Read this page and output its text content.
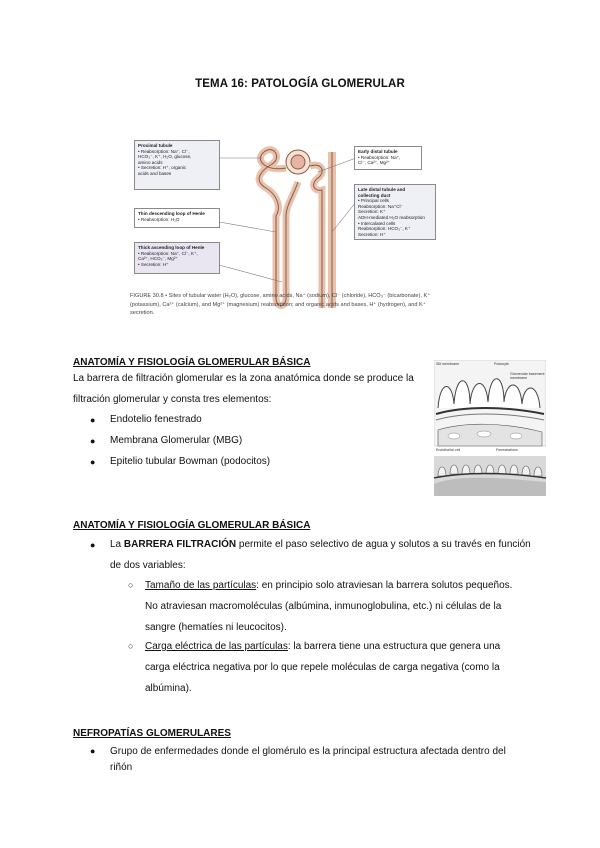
TEMA 16: PATOLOGÍA GLOMERULAR
Proximal tubule
• Reabsorption: Na⁺, Cl⁻,
HCO₃⁻, K⁺, H₂O, glucose,
amino acids
• Secretion: H⁺, organic
acids and bases
Thin descending loop of Henle
• Reabsorption: H₂O
Thick ascending loop of Henle
• Reabsorption: Na⁺, Cl⁻, K⁺,
Ca²⁺, HCO₃⁻, Mg²⁺
• Secretion: H⁺
Early distal tubule
• Reabsorption: Na⁺,
Cl⁻, Ca²⁺, Mg²⁺
Late distal tubule and
collecting duct
• Principal cells
Reabsorption: Na⁺Cl⁻
Secretion: K⁺
ADH-mediated H₂O reabsorption
• Intercalated cells
Reabsorption: HCO₃⁻, K⁺
Secretion: H⁺
FIGURE 30.8 • Sites of tubular water (H₂O), glucose, amino acids, Na⁺ (sodium), Cl⁻ (chloride), HCO₃⁻ (bicarbonate), K⁺ (potassium), Ca²⁺ (calcium), and Mg²⁺ (magnesium) reabsorption; and organic acids and bases, H⁺ (hydrogen), and K⁺ secretion.
ANATOMÍA Y FISIOLOGÍA GLOMERULAR BÁSICA
La barrera de filtración glomerular es la zona anatómica donde se produce la
filtración glomerular y consta tres elementos:
● Endotelio fenestrado
● Membrana Glomerular (MBG)
● Epitelio tubular Bowman (podocitos)
Podocyte
Glomerular basement membrane
Slit membrane
Endothelial cell	Fenestrations
ANATOMÍA Y FISIOLOGÍA GLOMERULAR BÁSICA
● La BARRERA FILTRACIÓN permite el paso selectivo de agua y solutos a su través en función
de dos variables:
○ Tamaño de las partículas: en principio solo atraviesan la barrera solutos pequeños.
No atraviesan macromoléculas (albúmina, inmunoglobulina, etc.) ni células de la
sangre (hematíes ni leucocitos).
○ Carga eléctrica de las partículas: la barrera tiene una estructura que genera una
carga eléctrica negativa por lo que repele moléculas de carga negativa (como la
albúmina).
NEFROPATÍAS GLOMERULARES
● Grupo de enfermedades donde el glomérulo es la principal estructura afectada dentro del
riñón
